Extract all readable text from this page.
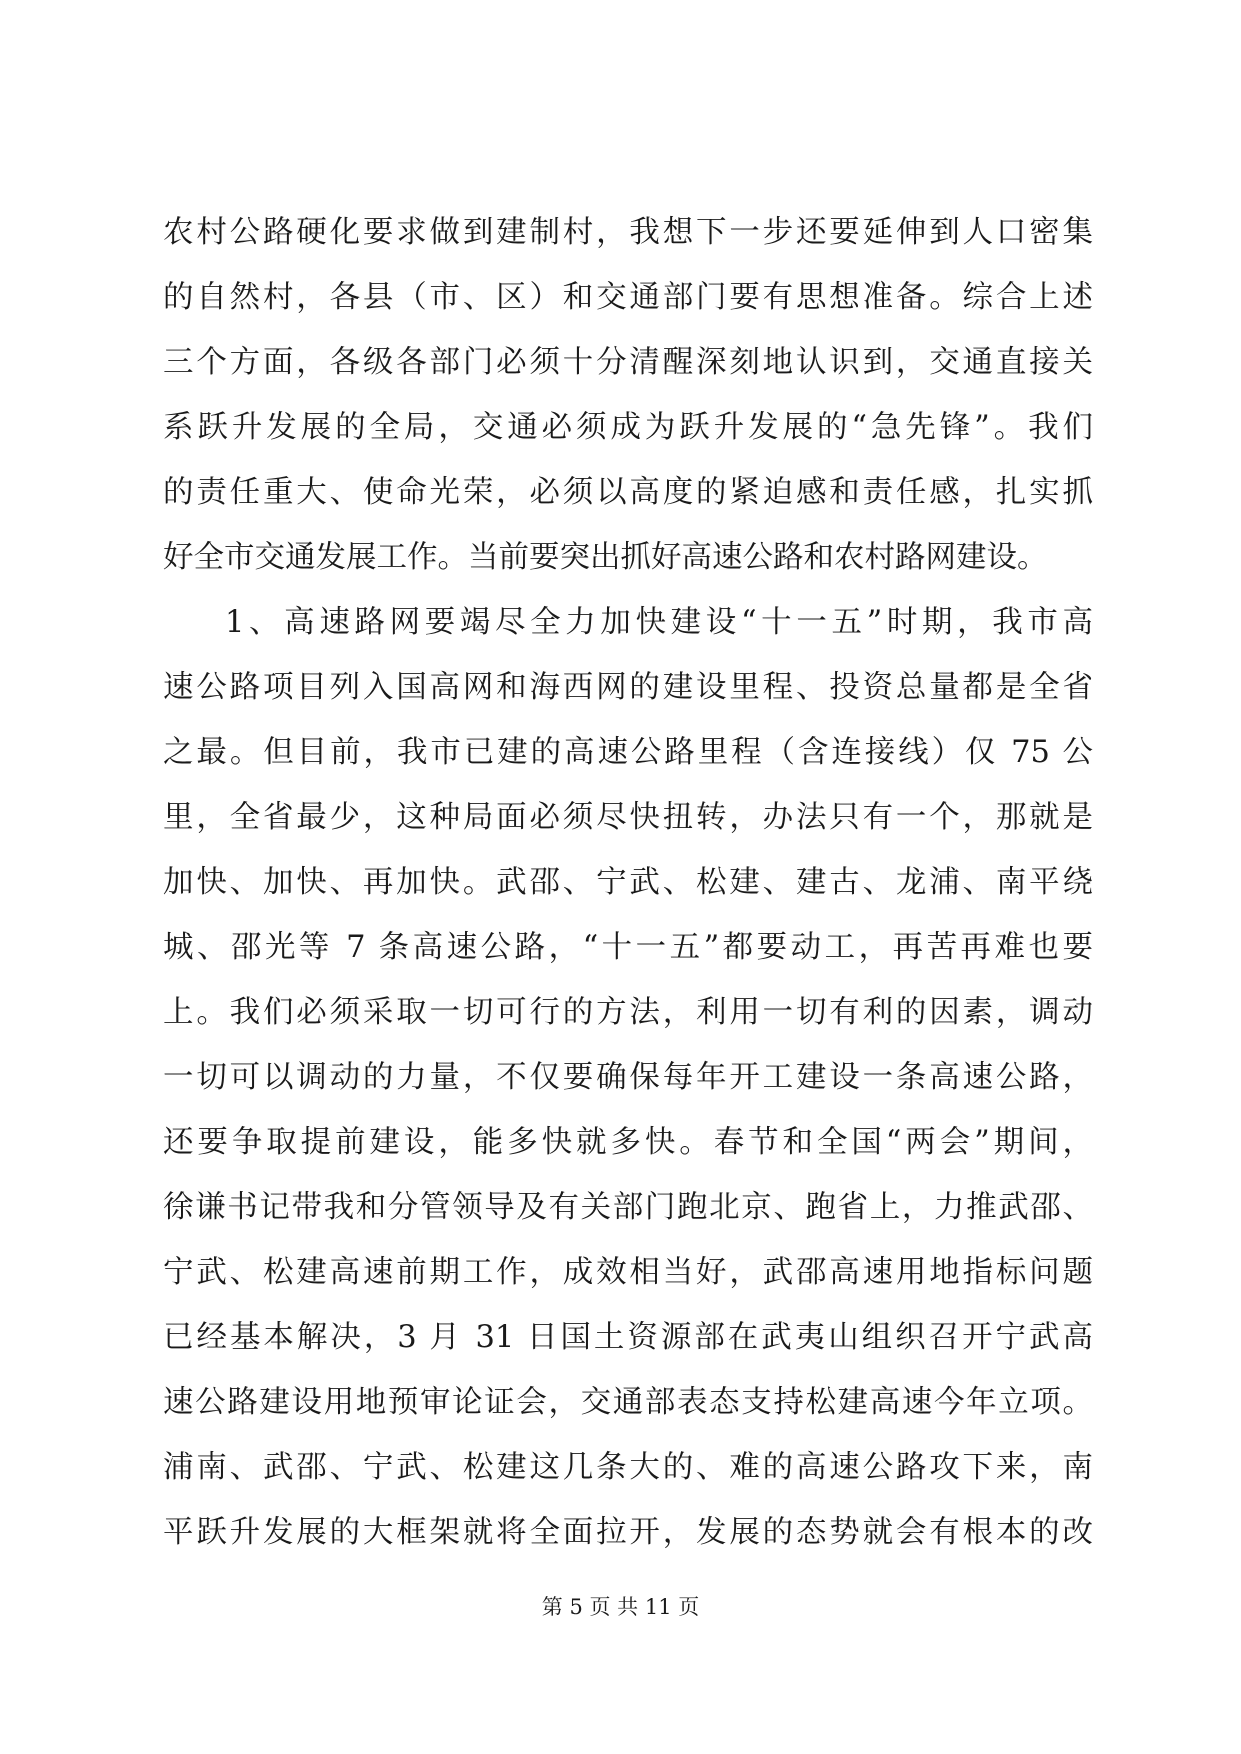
农村公路硬化要求做到建制村，我想下一步还要延伸到人口密集
的自然村，各县（市、区）和交通部门要有思想准备。综合上述
三个方面，各级各部门必须十分清醒深刻地认识到，交通直接关
系跃升发展的全局，交通必须成为跃升发展的“急先锋”。我们
的责任重大、使命光荣，必须以高度的紧迫感和责任感，扎实抓
好全市交通发展工作。当前要突出抓好高速公路和农村路网建设。
1、高速路网要竭尽全力加快建设“十一五”时期，我市高
速公路项目列入国高网和海西网的建设里程、投资总量都是全省
之最。但目前，我市已建的高速公路里程（含连接线）仅 75 公
里，全省最少，这种局面必须尽快扭转，办法只有一个，那就是
加快、加快、再加快。武邵、宁武、松建、建古、龙浦、南平绕
城、邵光等 7 条高速公路，“十一五”都要动工，再苦再难也要
上。我们必须采取一切可行的方法，利用一切有利的因素，调动
一切可以调动的力量，不仅要确保每年开工建设一条高速公路，
还要争取提前建设，能多快就多快。春节和全国“两会”期间，
徐谦书记带我和分管领导及有关部门跑北京、跑省上，力推武邵、
宁武、松建高速前期工作，成效相当好，武邵高速用地指标问题
已经基本解决，3 月 31 日国土资源部在武夷山组织召开宁武高
速公路建设用地预审论证会，交通部表态支持松建高速今年立项。
浦南、武邵、宁武、松建这几条大的、难的高速公路攻下来，南
平跃升发展的大框架就将全面拉开，发展的态势就会有根本的改
第 5 页 共 11 页
